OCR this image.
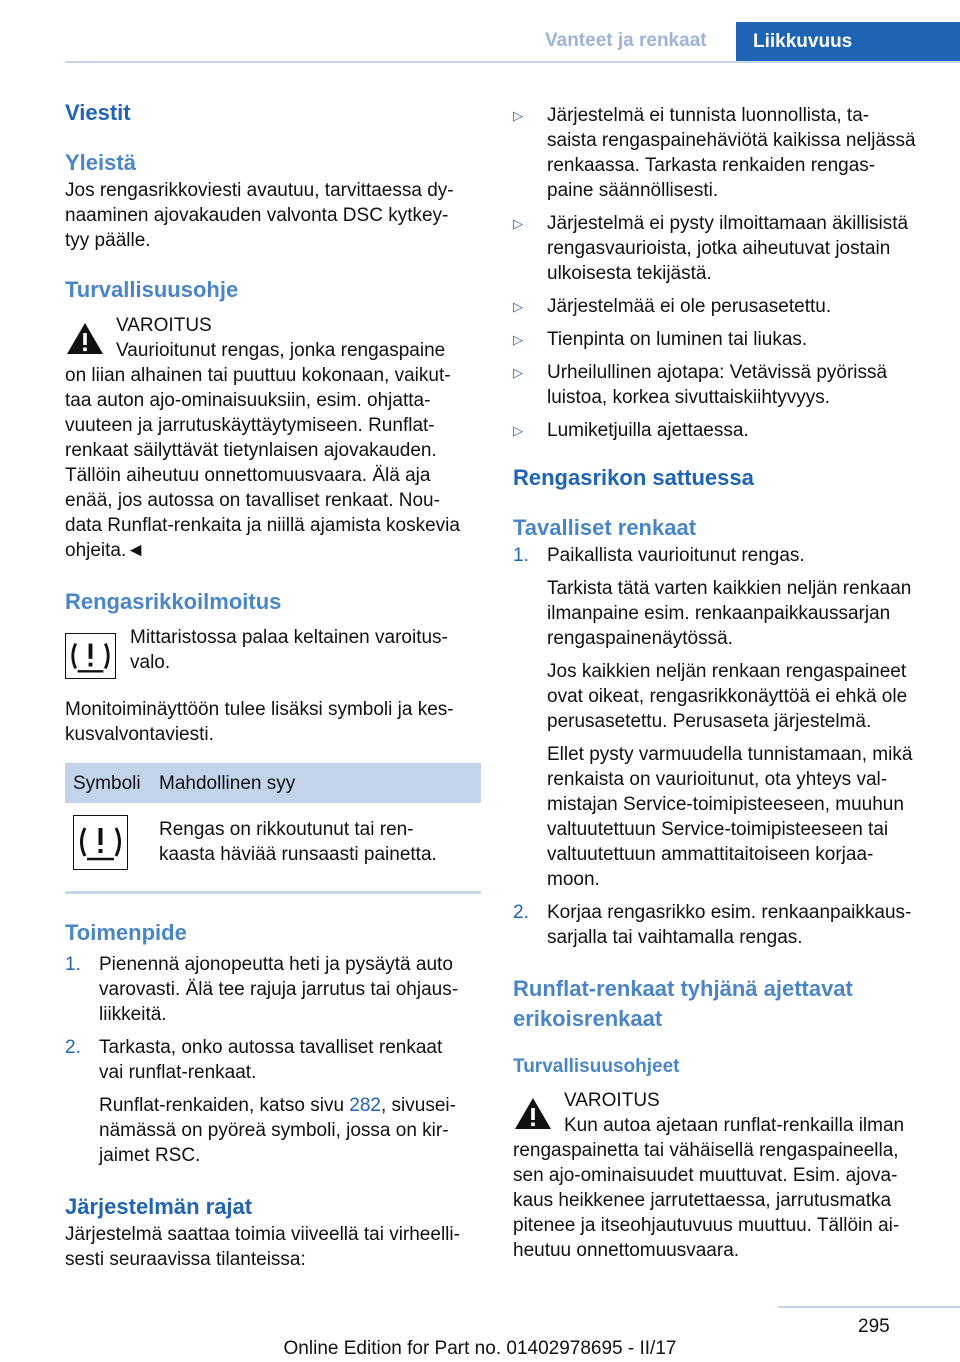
Vanteet ja renkaat	Liikkuvuus
Viestit
Yleistä

Jos rengasrikkoviesti avautuu, tarvittaessa dy-
naaminen ajovakauden valvonta DSC kytkey-
tyy päälle.

Turvallisuusohje

VAROITUS

Vaurioitunut rengas, jonka rengaspaine

on liian alhainen tai puuttuu kokonaan, vaikut-
taa auton ajo-ominaisuuksiin, esim. ohjatta-
vuuteen ja jarrutuskäyttäytymiseen. Runflat-
renkaat säilyttävät tietynlaisen ajovakauden.
Tällöin aiheutuu onnettomuusvaara. Älä aja
enää, jos autossa on tavalliset renkaat. Nou-
data Runflat-renkaita ja niillä ajamista koskevia
ohjeita.◄

Rengasrikkoilmoitus

Mittaristossa palaa keltainen varoitus-
valo.

Monitoiminäyttöön tulee lisäksi symboli ja kes-
kusvalvontaviesti.

Symboli	Mahdollinen syy
	Rengas on rikkoutunut tai ren-
kaasta häviää runsaasti painetta.
Toimenpide
1. Pienennä ajonopeutta heti ja pysäytä auto
varovasti. Älä tee rajuja jarrutus tai ohjaus-
liikkeitä.

2. Tarkasta, onko autossa tavalliset renkaat
vai runflat-renkaat.

Runflat-renkaiden, katso sivu 282, sivusei-
nämässä on pyöreä symboli, jossa on kir-
jaimet RSC.

Järjestelmän rajat

Järjestelmä saattaa toimia viiveellä tai virheelli-
sesti seuraavissa tilanteissa:

▷ Järjestelmä ei tunnista luonnollista, ta-
saista rengaspainehäviötä kaikissa neljässä
renkaassa. Tarkasta renkaiden rengas-
paine säännöllisesti.

▷ Järjestelmä ei pysty ilmoittamaan äkillisistä
rengasvaurioista, jotka aiheutuvat jostain
ulkoisesta tekijästä.

▷ Järjestelmää ei ole perusasetettu.

▷ Tienpinta on luminen tai liukas.

▷ Urheilullinen ajotapa: Vetävissä pyörissä
luistoa, korkea sivuttaiskiihtyvyys.

▷ Lumiketjuilla ajettaessa.

Rengasrikon sattuessa
Tavalliset renkaat
1. Paikallista vaurioitunut rengas.

Tarkista tätä varten kaikkien neljän renkaan
ilmanpaine esim. renkaanpaikkaussarjan
rengaspainenäytössä.

Jos kaikkien neljän renkaan rengaspaineet
ovat oikeat, rengasrikkonäyttöä ei ehkä ole
perusasetettu. Perusaseta järjestelmä.

Ellet pysty varmuudella tunnistamaan, mikä
renkaista on vaurioitunut, ota yhteys val-
mistajan Service-toimipisteeseen, muuhun
valtuutettuun Service-toimipisteeseen tai
valtuutettuun ammattitaitoiseen korjaa-
moon.

2. Korjaa rengasrikko esim. renkaanpaikkaus-
sarjalla tai vaihtamalla rengas.

Runflat-renkaat tyhjänä ajettavat
erikoisrenkaat
Turvallisuusohjeet

VAROITUS

Kun autoa ajetaan runflat-renkailla ilman

rengaspainetta tai vähäisellä rengaspaineella,
sen ajo-ominaisuudet muuttuvat. Esim. ajova-
kaus heikkenee jarrutettaessa, jarrutusmatka
pitenee ja itseohjautuvuus muuttuu. Tällöin ai-
heutuu onnettomuusvaara.

295
Online Edition for Part no. 01402978695 - II/17
